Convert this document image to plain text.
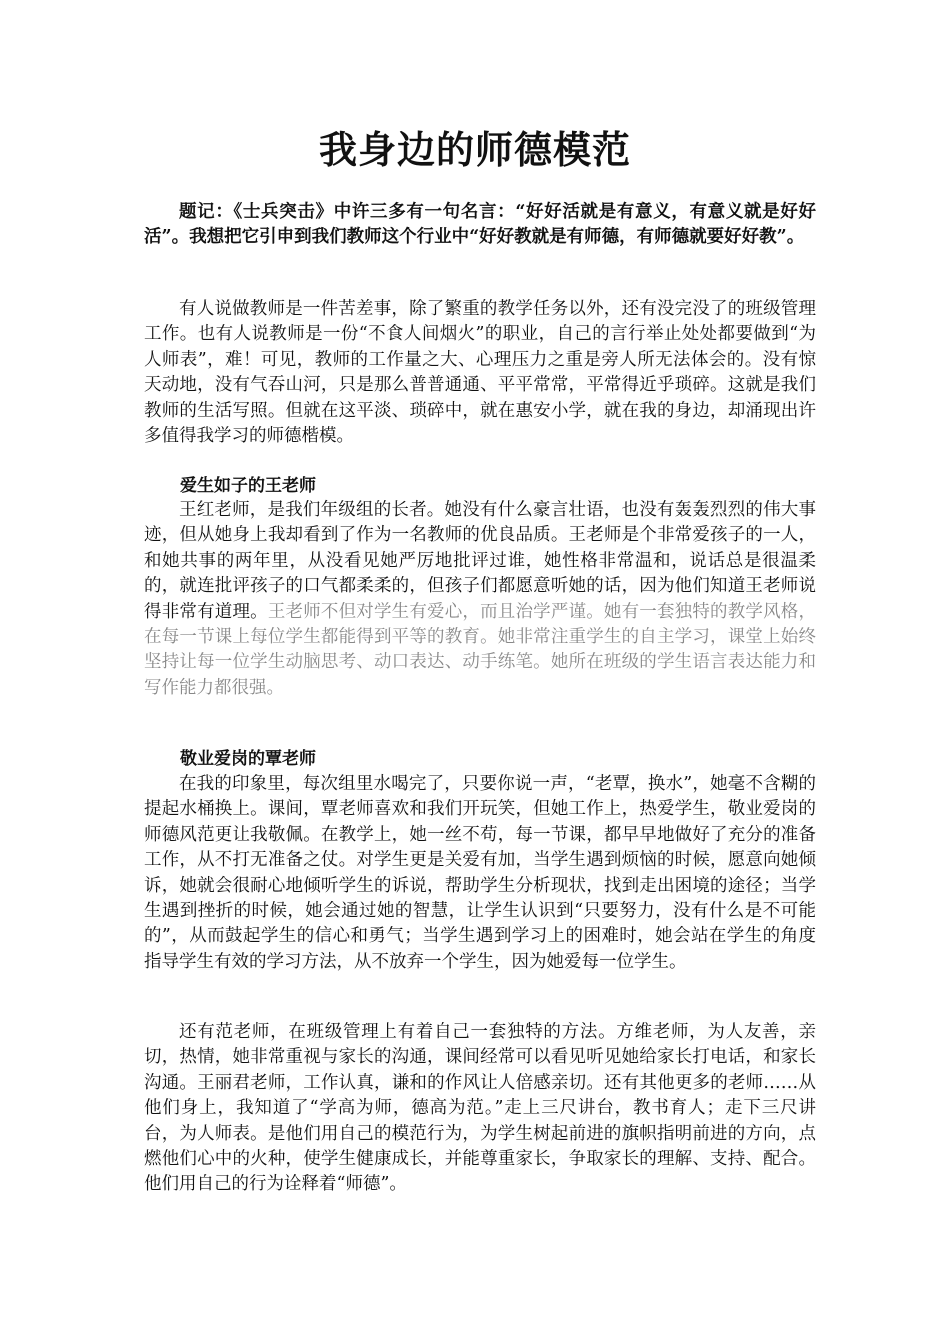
我身边的师德模范

题记：《士兵突击》中许三多有一句名言：“好好活就是有意义，有意义就是好好活”。我想把它引申到我们教师这个行业中“好好教就是有师德，有师德就要好好教”。

有人说做教师是一件苦差事，除了繁重的教学任务以外，还有没完没了的班级管理工作。也有人说教师是一份“不食人间烟火”的职业，自己的言行举止处处都要做到“为人师表”，难！可见，教师的工作量之大、心理压力之重是旁人所无法体会的。没有惊天动地，没有气吞山河，只是那么普普通通、平平常常，平常得近乎琐碎。这就是我们教师的生活写照。但就在这平淡、琐碎中，就在惠安小学，就在我的身边，却涌现出许多值得我学习的师德楷模。

爱生如子的王老师

王红老师，是我们年级组的长者。她没有什么豪言壮语，也没有轰轰烈烈的伟大事迹，但从她身上我却看到了作为一名教师的优良品质。王老师是个非常爱孩子的一人，和她共事的两年里，从没看见她严厉地批评过谁，她性格非常温和，说话总是很温柔的，就连批评孩子的口气都柔柔的，但孩子们都愿意听她的话，因为他们知道王老师说得非常有道理。王老师不但对学生有爱心，而且治学严谨。她有一套独特的教学风格，在每一节课上每位学生都能得到平等的教育。她非常注重学生的自主学习，课堂上始终坚持让每一位学生动脑思考、动口表达、动手练笔。她所在班级的学生语言表达能力和写作能力都很强。

敬业爱岗的覃老师

在我的印象里，每次组里水喝完了，只要你说一声，“老覃，换水”，她毫不含糊的提起水桶换上。课间，覃老师喜欢和我们开玩笑，但她工作上，热爱学生，敬业爱岗的师德风范更让我敬佩。在教学上，她一丝不苟，每一节课，都早早地做好了充分的准备工作，从不打无准备之仗。对学生更是关爱有加，当学生遇到烦恼的时候，愿意向她倾诉，她就会很耐心地倾听学生的诉说，帮助学生分析现状，找到走出困境的途径；当学生遇到挫折的时候，她会通过她的智慧，让学生认识到“只要努力，没有什么是不可能的”，从而鼓起学生的信心和勇气；当学生遇到学习上的困难时，她会站在学生的角度指导学生有效的学习方法，从不放弃一个学生，因为她爱每一位学生。

还有范老师，在班级管理上有着自己一套独特的方法。方维老师，为人友善，亲切，热情，她非常重视与家长的沟通，课间经常可以看见听见她给家长打电话，和家长沟通。王丽君老师，工作认真，谦和的作风让人倍感亲切。还有其他更多的老师……从他们身上，我知道了“学高为师，德高为范。”走上三尺讲台，教书育人；走下三尺讲台，为人师表。是他们用自己的模范行为，为学生树起前进的旗帜指明前进的方向，点燃他们心中的火种，使学生健康成长，并能尊重家长，争取家长的理解、支持、配合。他们用自己的行为诠释着“师德”。
